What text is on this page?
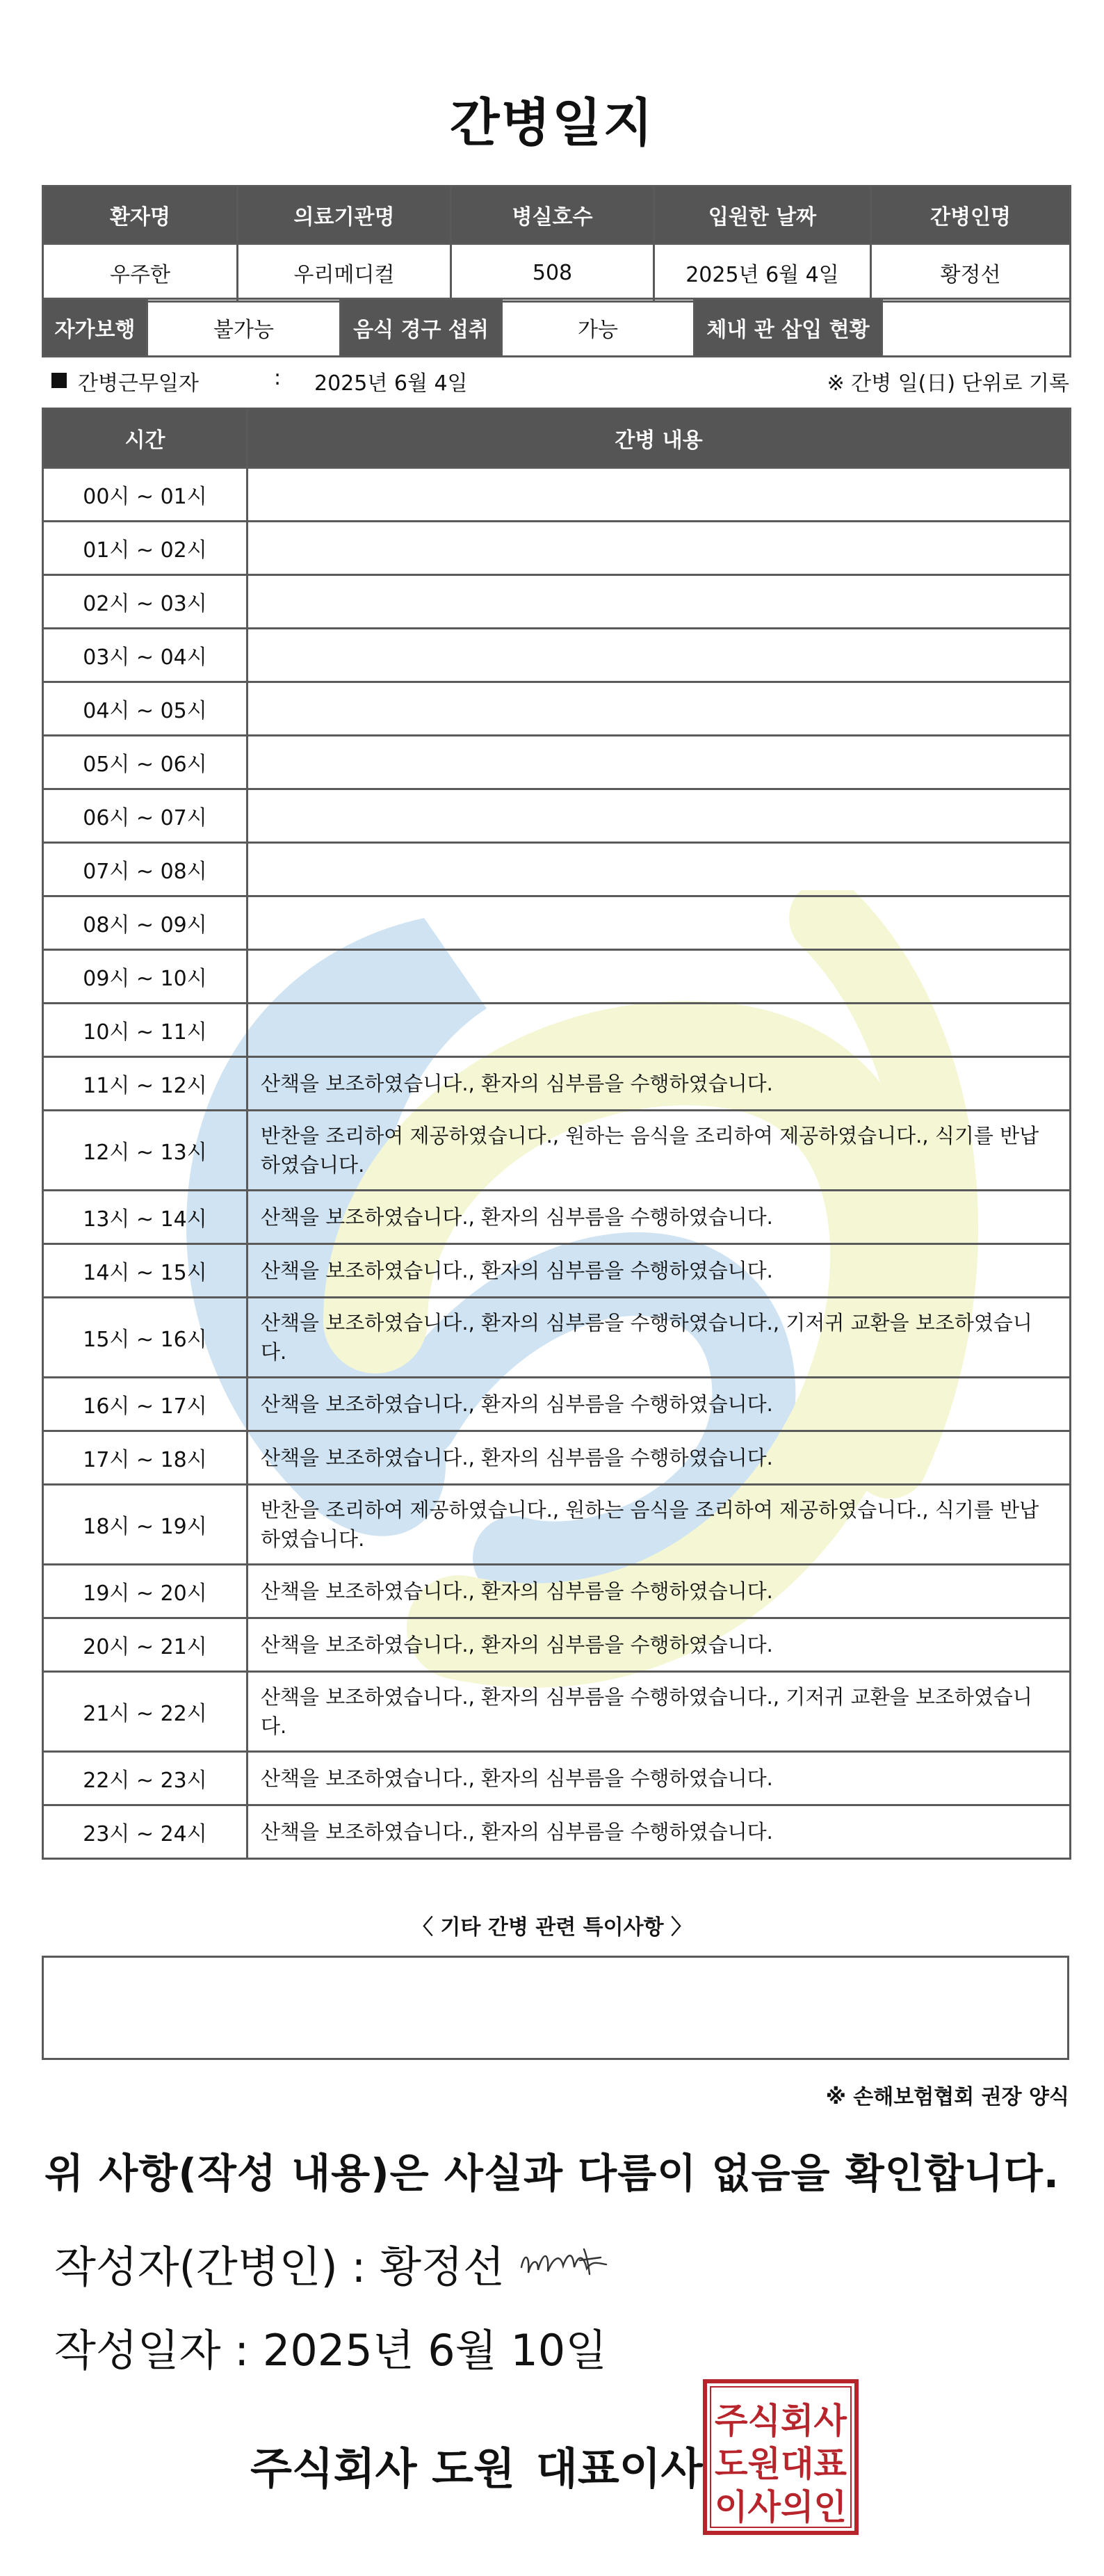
간병일지
환자명	의료기관명	병실호수	입원한 날짜	간병인명
우주한	우리메디컬	508	2025년 6월 4일	황정선
자가보행	불가능	음식 경구 섭취	가능	체내 관 삽입 현황	
간병근무일자	: 2025년 6월 4일	※ 간병 일(日) 단위로 기록
시간	간병 내용
00시 ~ 01시	
01시 ~ 02시	
02시 ~ 03시	
03시 ~ 04시	
04시 ~ 05시	
05시 ~ 06시	
06시 ~ 07시	
07시 ~ 08시	
08시 ~ 09시	
09시 ~ 10시	
10시 ~ 11시	
11시 ~ 12시	산책을 보조하였습니다., 환자의 심부름을 수행하였습니다.
12시 ~ 13시	반찬을 조리하여 제공하였습니다., 원하는 음식을 조리하여 제공하였습니다., 식기를 반납하였습니다.
13시 ~ 14시	산책을 보조하였습니다., 환자의 심부름을 수행하였습니다.
14시 ~ 15시	산책을 보조하였습니다., 환자의 심부름을 수행하였습니다.
15시 ~ 16시	산책을 보조하였습니다., 환자의 심부름을 수행하였습니다., 기저귀 교환을 보조하였습니다.
16시 ~ 17시	산책을 보조하였습니다., 환자의 심부름을 수행하였습니다.
17시 ~ 18시	산책을 보조하였습니다., 환자의 심부름을 수행하였습니다.
18시 ~ 19시	반찬을 조리하여 제공하였습니다., 원하는 음식을 조리하여 제공하였습니다., 식기를 반납하였습니다.
19시 ~ 20시	산책을 보조하였습니다., 환자의 심부름을 수행하였습니다.
20시 ~ 21시	산책을 보조하였습니다., 환자의 심부름을 수행하였습니다.
21시 ~ 22시	산책을 보조하였습니다., 환자의 심부름을 수행하였습니다., 기저귀 교환을 보조하였습니다.
22시 ~ 23시	산책을 보조하였습니다., 환자의 심부름을 수행하였습니다.
23시 ~ 24시	산책을 보조하였습니다., 환자의 심부름을 수행하였습니다.
〈 기타 간병 관련 특이사항 〉
※ 손해보험협회 권장 양식
위 사항(작성 내용)은 사실과 다름이 없음을 확인합니다.
작성자(간병인) : 황정선
작성일자 : 2025년 6월 10일
주식회사 도원 대표이사
주식회사
도원대표
이사의인
